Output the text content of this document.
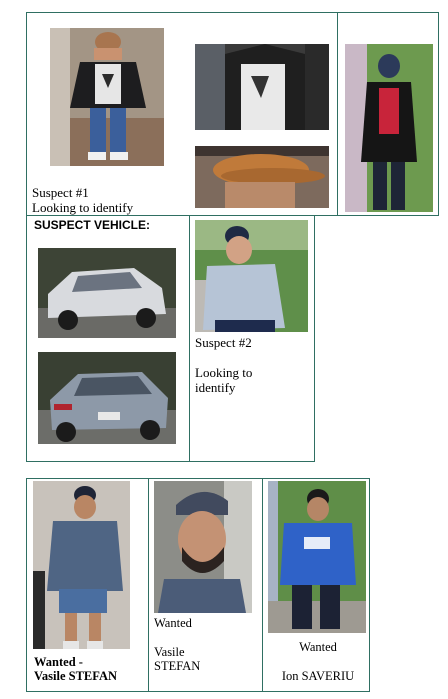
Suspect #1
Looking to identify
SUSPECT VEHICLE:
Suspect #2

Looking to
identify
Wanted -
Vasile STEFAN
Wanted

Vasile
STEFAN
Wanted

Ion SAVERIU
